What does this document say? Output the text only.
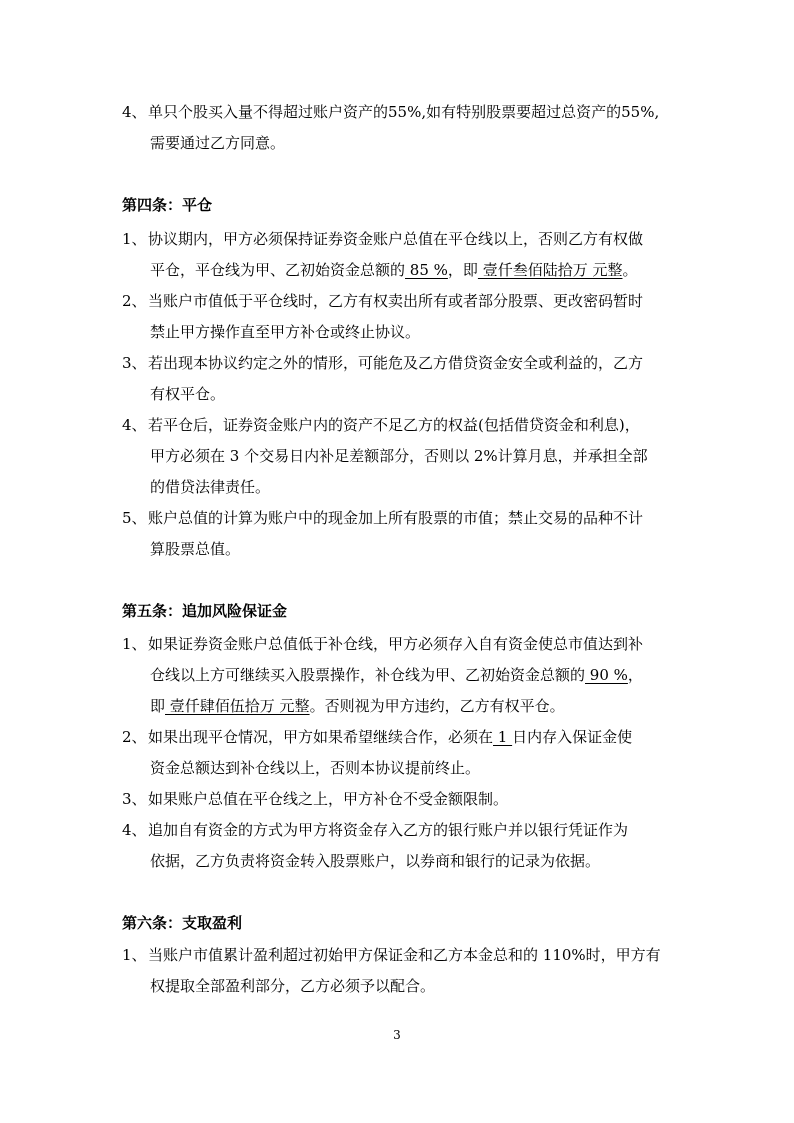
4、 单只个股买入量不得超过账户资产的55%,如有特别股票要超过总资产的55%,
需要通过乙方同意。
第四条：平仓
1、 协议期内，甲方必须保持证券资金账户总值在平仓线以上，否则乙方有权做
平仓，平仓线为甲、乙初始资金总额的 85 %，即 壹仟叁佰陆拾万 元整。
2、 当账户市值低于平仓线时，乙方有权卖出所有或者部分股票、更改密码暂时
禁止甲方操作直至甲方补仓或终止协议。
3、 若出现本协议约定之外的情形，可能危及乙方借贷资金安全或利益的，乙方
有权平仓。
4、 若平仓后，证券资金账户内的资产不足乙方的权益(包括借贷资金和利息)，
甲方必须在 3 个交易日内补足差额部分，否则以 2%计算月息，并承担全部
的借贷法律责任。
5、 账户总值的计算为账户中的现金加上所有股票的市值；禁止交易的品种不计
算股票总值。
第五条：追加风险保证金
1、 如果证券资金账户总值低于补仓线，甲方必须存入自有资金使总市值达到补
仓线以上方可继续买入股票操作，补仓线为甲、乙初始资金总额的 90 %，
即 壹仟肆佰伍拾万 元整。否则视为甲方违约，乙方有权平仓。
2、 如果出现平仓情况，甲方如果希望继续合作，必须在 1 日内存入保证金使
资金总额达到补仓线以上，否则本协议提前终止。
3、 如果账户总值在平仓线之上，甲方补仓不受金额限制。
4、 追加自有资金的方式为甲方将资金存入乙方的银行账户并以银行凭证作为
依据，乙方负责将资金转入股票账户，以券商和银行的记录为依据。
第六条：支取盈利
1、 当账户市值累计盈利超过初始甲方保证金和乙方本金总和的 110%时，甲方有
权提取全部盈利部分，乙方必须予以配合。
3
